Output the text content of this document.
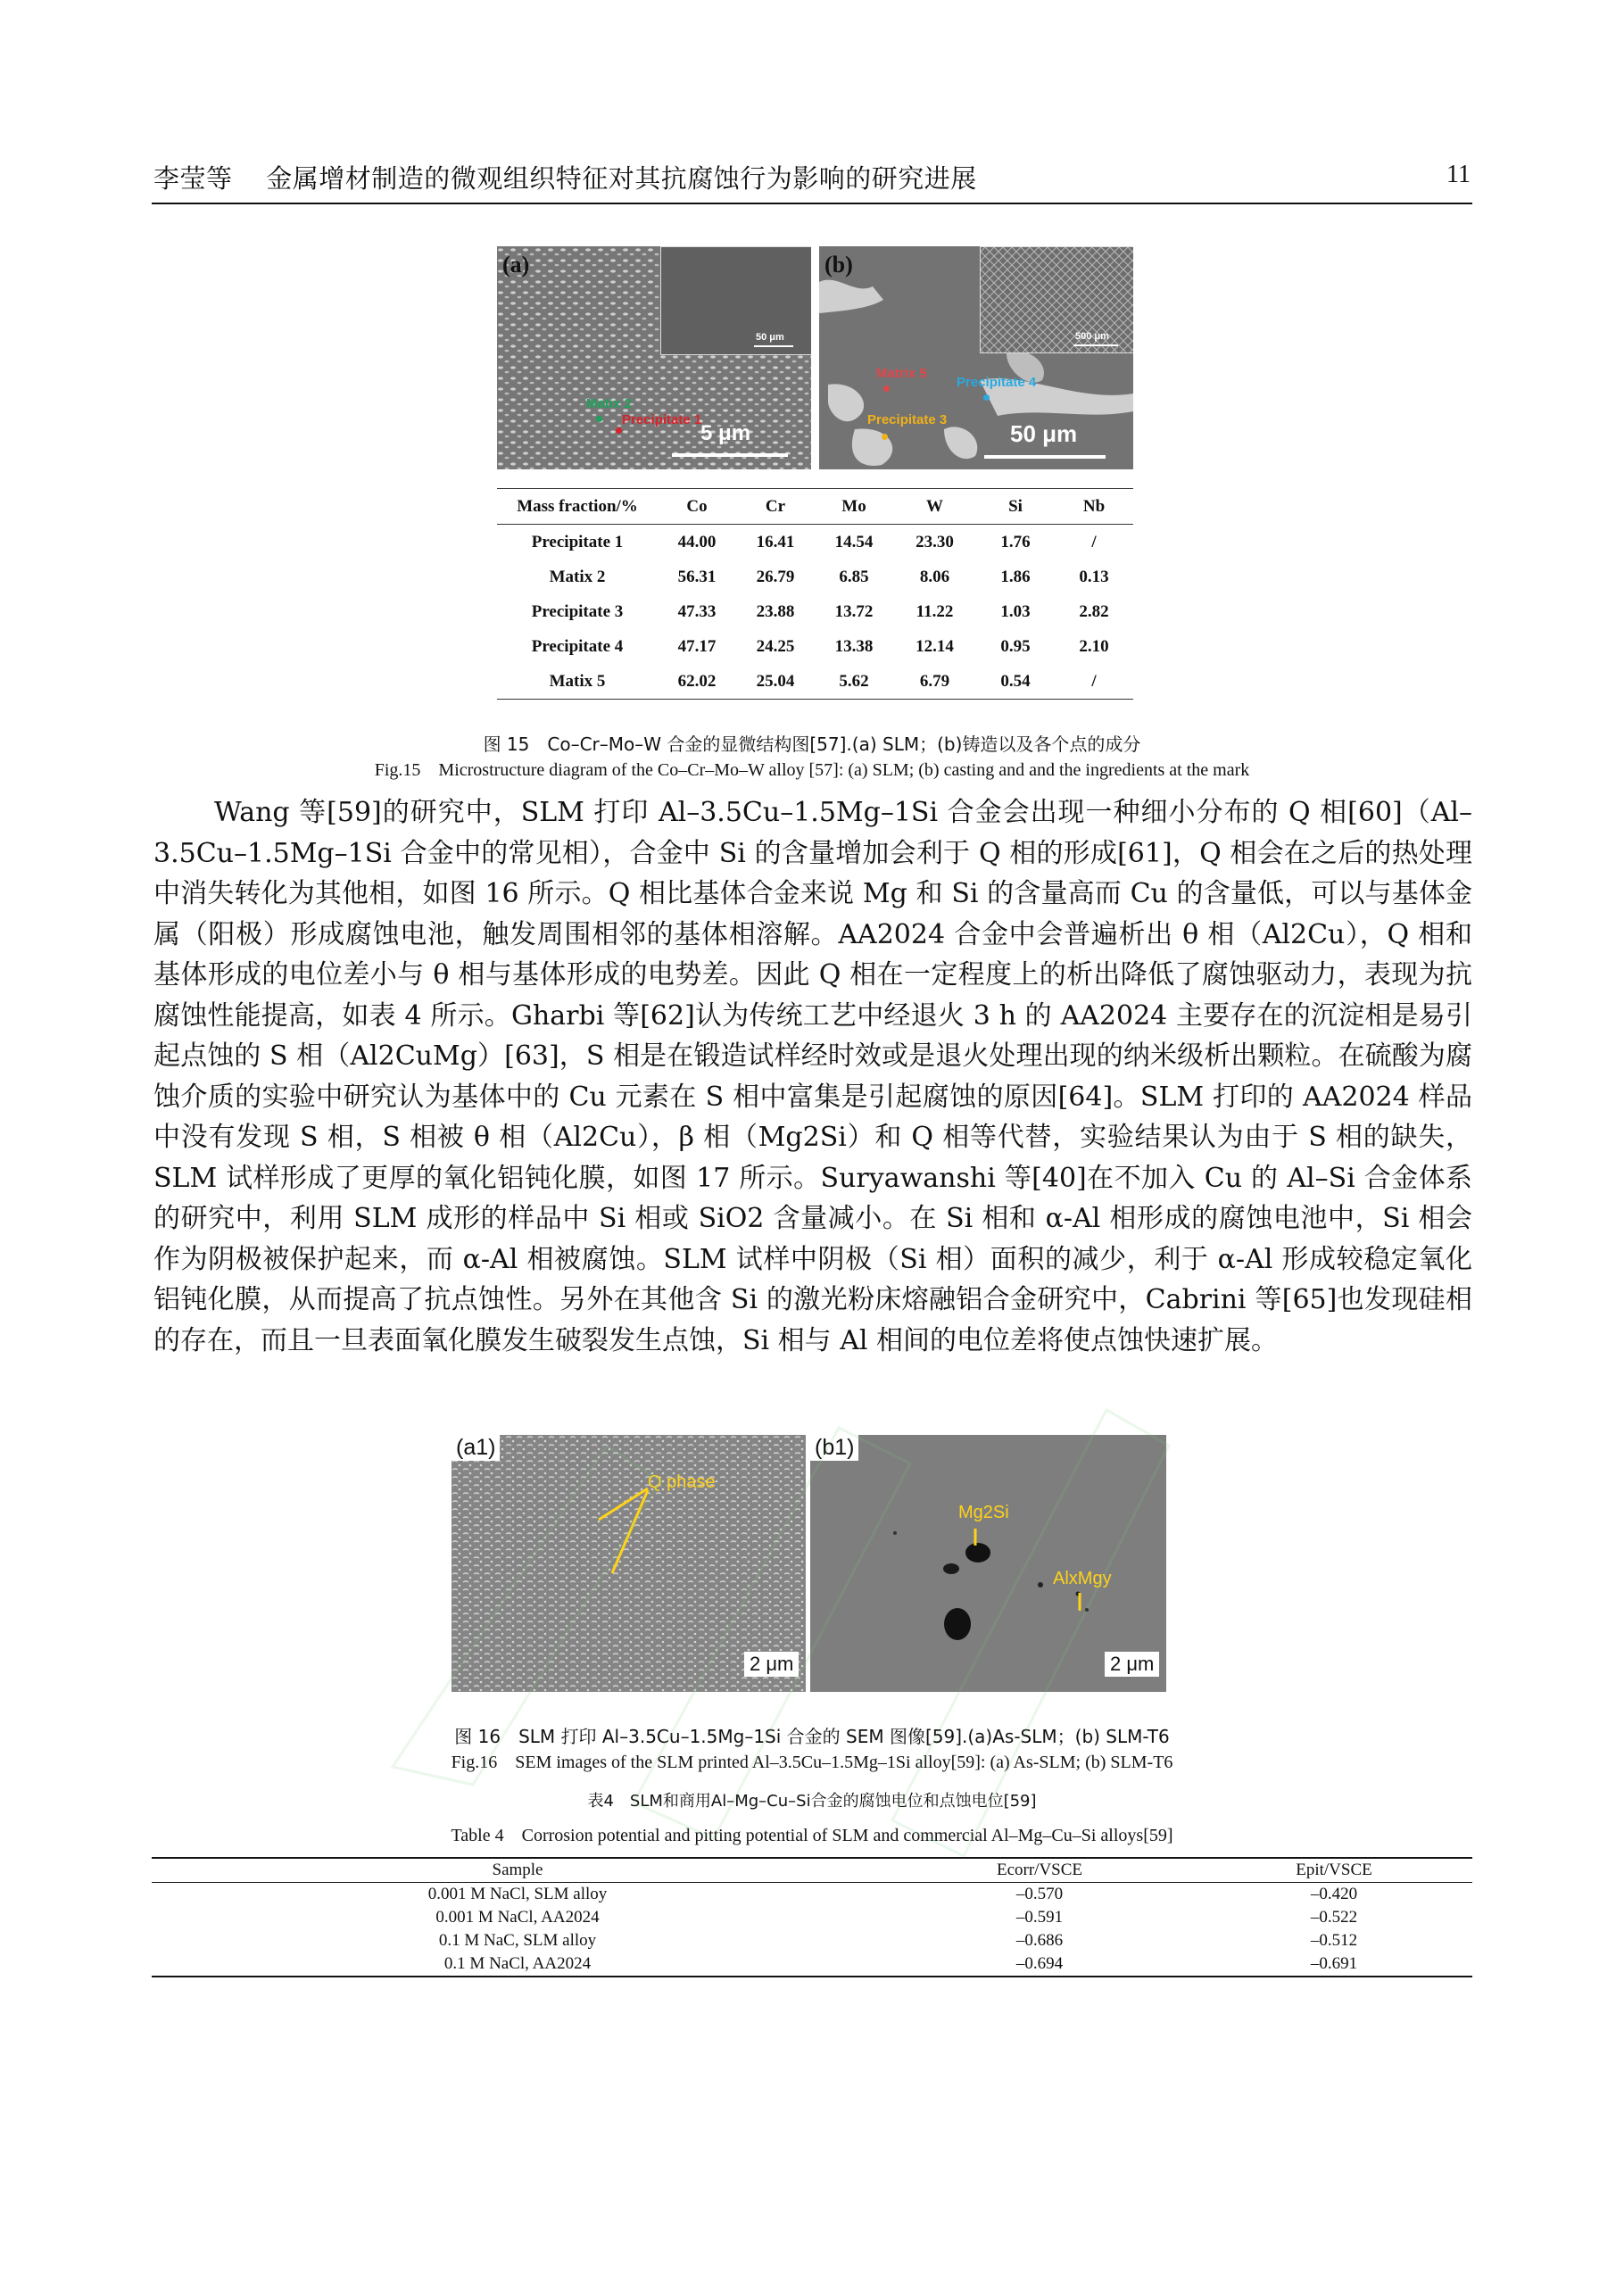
李莹等 金属增材制造的微观组织特征对其抗腐蚀行为影响的研究进展	11
50 μm
(a)
Matix 2
Precipitate 1
5 μm
500 μm
(b)
Matrix 5
Precipitate 4
Precipitate 3
50 μm
Mass fraction/%	Co	Cr	Mo	W	Si	Nb
Precipitate 1	44.00	16.41	14.54	23.30	1.76	/
Matix 2	56.31	26.79	6.85	8.06	1.86	0.13
Precipitate 3	47.33	23.88	13.72	11.22	1.03	2.82
Precipitate 4	47.17	24.25	13.38	12.14	0.95	2.10
Matix 5	62.02	25.04	5.62	6.79	0.54	/
图 15　Co–Cr–Mo–W 合金的显微结构图[57].(a) SLM；(b)铸造以及各个点的成分
Fig.15　Microstructure diagram of the Co–Cr–Mo–W alloy [57]: (a) SLM; (b) casting and and the ingredients at the mark

Wang 等[59]的研究中，SLM 打印 Al–3.5Cu–1.5Mg–1Si 合金会出现一种细小分布的 Q 相[60]（Al–3.5Cu–1.5Mg–1Si 合金中的常见相），合金中 Si 的含量增加会利于 Q 相的形成[61]，Q 相会在之后的热处理中消失转化为其他相，如图 16 所示。Q 相比基体合金来说 Mg 和 Si 的含量高而 Cu 的含量低，可以与基体金属（阳极）形成腐蚀电池，触发周围相邻的基体相溶解。AA2024 合金中会普遍析出 θ 相（Al2Cu），Q 相和基体形成的电位差小与 θ 相与基体形成的电势差。因此 Q 相在一定程度上的析出降低了腐蚀驱动力，表现为抗腐蚀性能提高，如表 4 所示。Gharbi 等[62]认为传统工艺中经退火 3 h 的 AA2024 主要存在的沉淀相是易引起点蚀的 S 相（Al2CuMg）[63]，S 相是在锻造试样经时效或是退火处理出现的纳米级析出颗粒。在硫酸为腐蚀介质的实验中研究认为基体中的 Cu 元素在 S 相中富集是引起腐蚀的原因[64]。SLM 打印的 AA2024 样品中没有发现 S 相，S 相被 θ 相（Al2Cu），β 相（Mg2Si）和 Q 相等代替，实验结果认为由于 S 相的缺失，SLM 试样形成了更厚的氧化铝钝化膜，如图 17 所示。Suryawanshi 等[40]在不加入 Cu 的 Al–Si 合金体系的研究中，利用 SLM 成形的样品中 Si 相或 SiO2 含量减小。在 Si 相和 α-Al 相形成的腐蚀电池中，Si 相会作为阴极被保护起来，而 α-Al 相被腐蚀。SLM 试样中阴极（Si 相）面积的减少，利于 α-Al 形成较稳定氧化铝钝化膜，从而提高了抗点蚀性。另外在其他含 Si 的激光粉床熔融铝合金研究中，Cabrini 等[65]也发现硅相的存在，而且一旦表面氧化膜发生破裂发生点蚀，Si 相与 Al 相间的电位差将使点蚀快速扩展。

(a1)
Q phase
2 μm
(b1)
Mg2Si
AlxMgy
2 μm
图 16　SLM 打印 Al–3.5Cu–1.5Mg–1Si 合金的 SEM 图像[59].(a)As-SLM；(b) SLM-T6
Fig.16　SEM images of the SLM printed Al–3.5Cu–1.5Mg–1Si alloy[59]: (a) As-SLM; (b) SLM-T6
表4　SLM和商用Al–Mg–Cu–Si合金的腐蚀电位和点蚀电位[59]
Table 4　Corrosion potential and pitting potential of SLM and commercial Al–Mg–Cu–Si alloys[59]
Sample	Ecorr/VSCE	Epit/VSCE
0.001 M NaCl, SLM alloy	–0.570	–0.420
0.001 M NaCl, AA2024	–0.591	–0.522
0.1 M NaC, SLM alloy	–0.686	–0.512
0.1 M NaCl, AA2024	–0.694	–0.691
